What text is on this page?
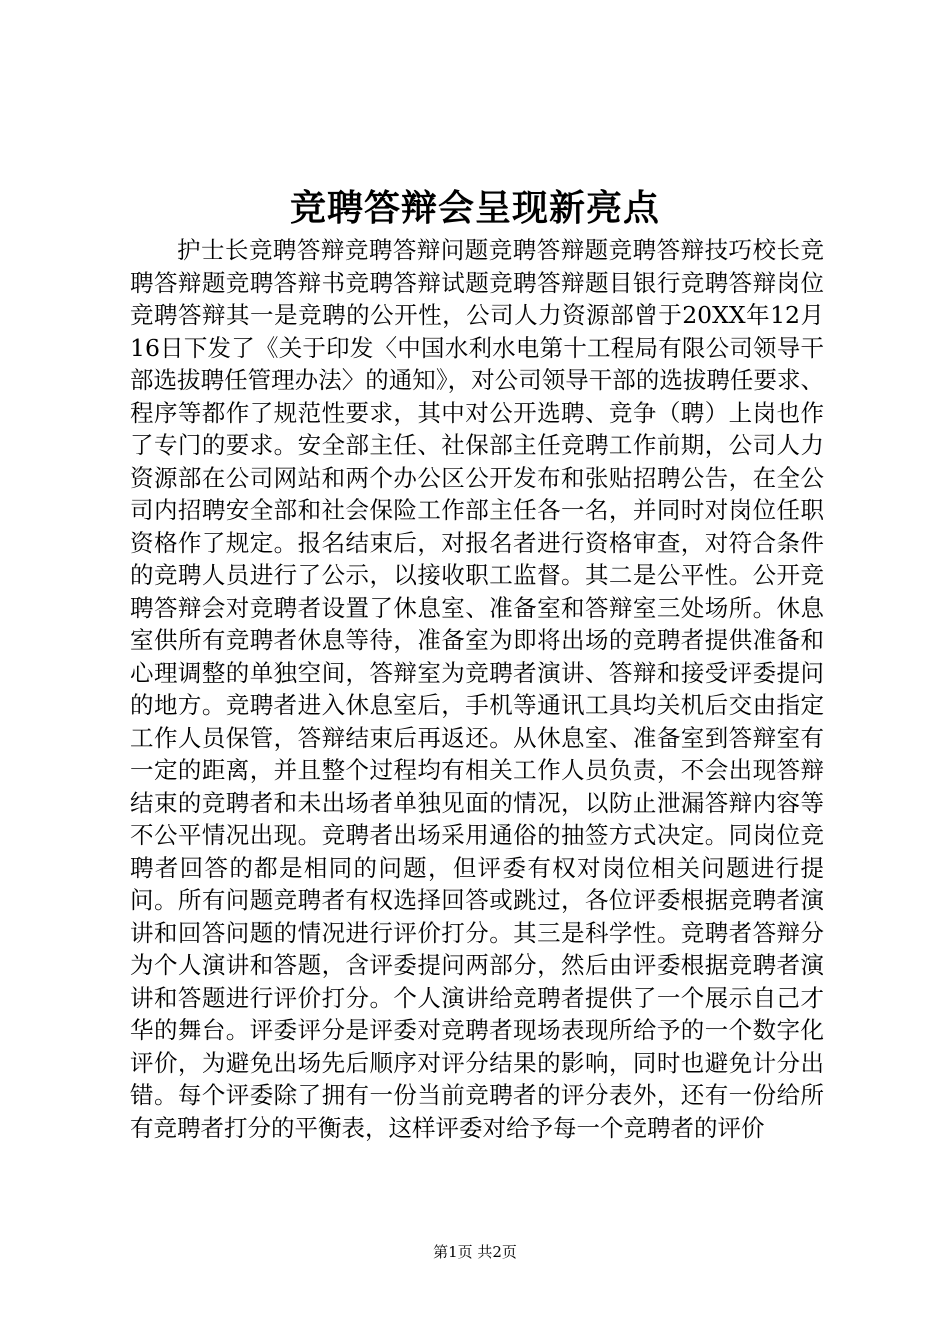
竞聘答辩会呈现新亮点

护士长竞聘答辩竞聘答辩问题竞聘答辩题竞聘答辩技巧校长竞聘答辩题竞聘答辩书竞聘答辩试题竞聘答辩题目银行竞聘答辩岗位竞聘答辩其一是竞聘的公开性，公司人力资源部曾于20XX年12月16日下发了《关于印发〈中国水利水电第十工程局有限公司领导干部选拔聘任管理办法〉的通知》，对公司领导干部的选拔聘任要求、程序等都作了规范性要求，其中对公开选聘、竞争（聘）上岗也作了专门的要求。安全部主任、社保部主任竞聘工作前期，公司人力资源部在公司网站和两个办公区公开发布和张贴招聘公告，在全公司内招聘安全部和社会保险工作部主任各一名，并同时对岗位任职资格作了规定。报名结束后，对报名者进行资格审查，对符合条件的竞聘人员进行了公示，以接收职工监督。其二是公平性。公开竞聘答辩会对竞聘者设置了休息室、准备室和答辩室三处场所。休息室供所有竞聘者休息等待，准备室为即将出场的竞聘者提供准备和心理调整的单独空间，答辩室为竞聘者演讲、答辩和接受评委提问的地方。竞聘者进入休息室后，手机等通讯工具均关机后交由指定工作人员保管，答辩结束后再返还。从休息室、准备室到答辩室有一定的距离，并且整个过程均有相关工作人员负责，不会出现答辩结束的竞聘者和未出场者单独见面的情况，以防止泄漏答辩内容等不公平情况出现。竞聘者出场采用通俗的抽签方式决定。同岗位竞聘者回答的都是相同的问题，但评委有权对岗位相关问题进行提问。所有问题竞聘者有权选择回答或跳过，各位评委根据竞聘者演讲和回答问题的情况进行评价打分。其三是科学性。竞聘者答辩分为个人演讲和答题，含评委提问两部分，然后由评委根据竞聘者演讲和答题进行评价打分。个人演讲给竞聘者提供了一个展示自己才华的舞台。评委评分是评委对竞聘者现场表现所给予的一个数字化评价，为避免出场先后顺序对评分结果的影响，同时也避免计分出错。每个评委除了拥有一份当前竞聘者的评分表外，还有一份给所有竞聘者打分的平衡表，这样评委对给予每一个竞聘者的评价

第1页 共2页
